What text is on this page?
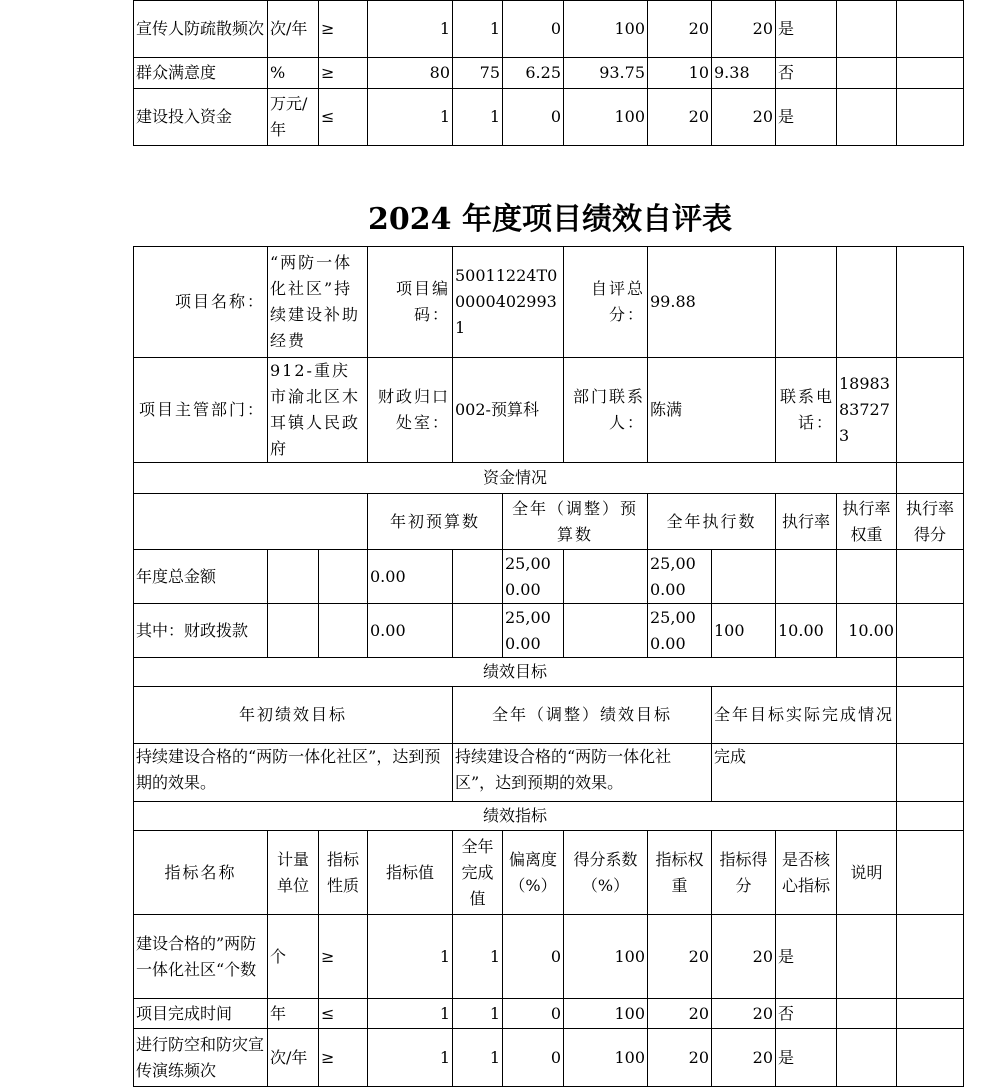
宣传人防疏散频次	次/年	≥	1	1	0	100	20	20	是		
群众满意度	%	≥	80	75	6.25	93.75	10	9.38	否		
建设投入资金	万元/年	≤	1	1	0	100	20	20	是		
2024 年度项目绩效自评表
项目名称：	“两防一体化社区”持续建设补助经费		项目编码：	50011224T000004029931		自评总分：	99.88				
项目主管部门：	912-重庆市渝北区木耳镇人民政府		财政归口处室：	002-预算科		部门联系人：	陈满		联系电话：	18983837273	
资金情况											
			年初预算数		全年（调整）预算数		全年执行数		执行率	执行率权重	执行率得分
年度总金额			0.00		25,000.00		25,000.00				
其中：财政拨款			0.00		25,000.00		25,000.00	100	10.00	10.00	
绩效目标											
年初绩效目标				全年（调整）绩效目标				全年目标实际完成情况			
持续建设合格的“两防一体化社区”，达到预期的效果。				持续建设合格的“两防一体化社区”，达到预期的效果。				完成			
绩效指标											
指标名称	计量单位	指标性质	指标值	全年完成值	偏离度（%）	得分系数（%）	指标权重	指标得分	是否核心指标	说明	
建设合格的”两防一体化社区“个数	个	≥	1	1	0	100	20	20	是		
项目完成时间	年	≤	1	1	0	100	20	20	否		
进行防空和防灾宣传演练频次	次/年	≥	1	1	0	100	20	20	是		
